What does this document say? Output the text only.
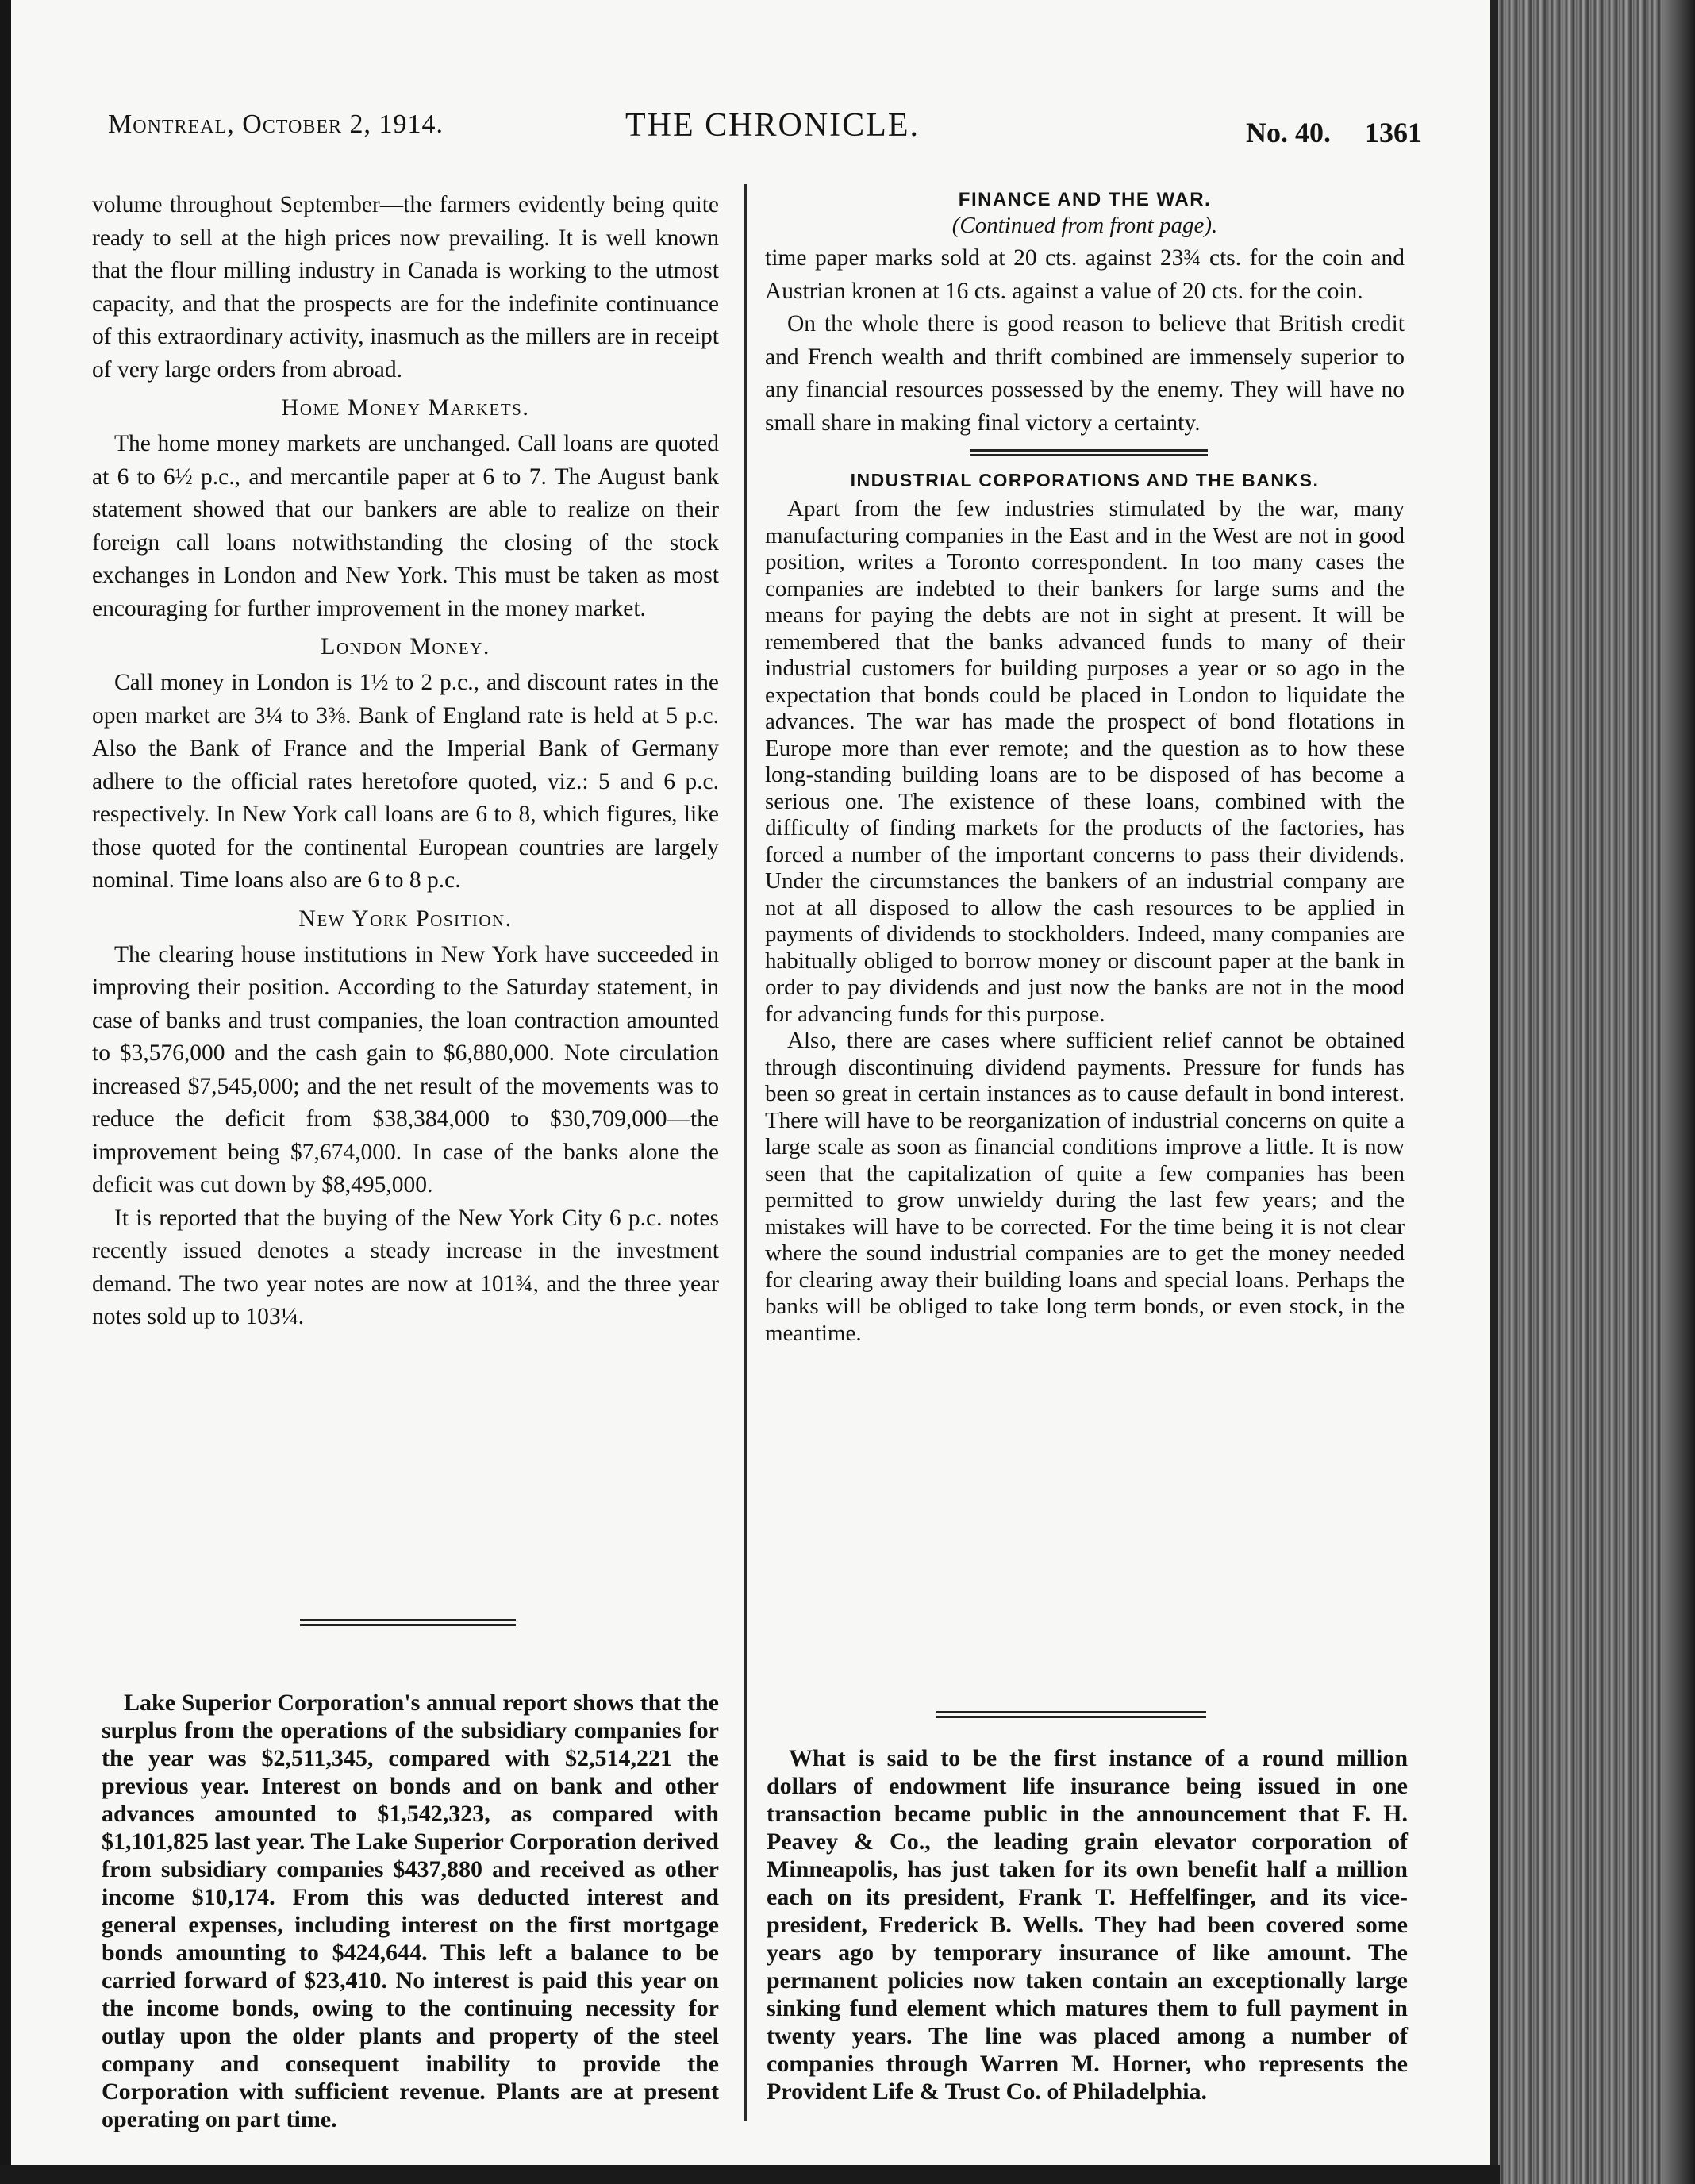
Montreal, October 2, 1914.	THE CHRONICLE.	No. 40. 1361

volume throughout September—the farmers evidently being quite ready to sell at the high prices now prevailing. It is well known that the flour milling industry in Canada is working to the utmost capacity, and that the prospects are for the indefinite continuance of this extraordinary activity, inasmuch as the millers are in receipt of very large orders from abroad.

Home Money Markets.

The home money markets are unchanged. Call loans are quoted at 6 to 6½ p.c., and mercantile paper at 6 to 7. The August bank statement showed that our bankers are able to realize on their foreign call loans notwithstanding the closing of the stock exchanges in London and New York. This must be taken as most encouraging for further improvement in the money market.

London Money.

Call money in London is 1½ to 2 p.c., and discount rates in the open market are 3¼ to 3⅜. Bank of England rate is held at 5 p.c. Also the Bank of France and the Imperial Bank of Germany adhere to the official rates heretofore quoted, viz.: 5 and 6 p.c. respectively. In New York call loans are 6 to 8, which figures, like those quoted for the continental European countries are largely nominal. Time loans also are 6 to 8 p.c.

New York Position.

The clearing house institutions in New York have succeeded in improving their position. According to the Saturday statement, in case of banks and trust companies, the loan contraction amounted to $3,576,000 and the cash gain to $6,880,000. Note circulation increased $7,545,000; and the net result of the movements was to reduce the deficit from $38,384,000 to $30,709,000—the improvement being $7,674,000. In case of the banks alone the deficit was cut down by $8,495,000.

It is reported that the buying of the New York City 6 p.c. notes recently issued denotes a steady increase in the investment demand. The two year notes are now at 101¾, and the three year notes sold up to 103¼.

Lake Superior Corporation's annual report shows that the surplus from the operations of the subsidiary companies for the year was $2,511,345, compared with $2,514,221 the previous year. Interest on bonds and on bank and other advances amounted to $1,542,323, as compared with $1,101,825 last year. The Lake Superior Corporation derived from subsidiary companies $437,880 and received as other income $10,174. From this was deducted interest and general expenses, including interest on the first mortgage bonds amounting to $424,644. This left a balance to be carried forward of $23,410. No interest is paid this year on the income bonds, owing to the continuing necessity for outlay upon the older plants and property of the steel company and consequent inability to provide the Corporation with sufficient revenue. Plants are at present operating on part time.

FINANCE AND THE WAR.
(Continued from front page).

time paper marks sold at 20 cts. against 23¾ cts. for the coin and Austrian kronen at 16 cts. against a value of 20 cts. for the coin.

On the whole there is good reason to believe that British credit and French wealth and thrift combined are immensely superior to any financial resources possessed by the enemy. They will have no small share in making final victory a certainty.

INDUSTRIAL CORPORATIONS AND THE BANKS.

Apart from the few industries stimulated by the war, many manufacturing companies in the East and in the West are not in good position, writes a Toronto correspondent. In too many cases the companies are indebted to their bankers for large sums and the means for paying the debts are not in sight at present. It will be remembered that the banks advanced funds to many of their industrial customers for building purposes a year or so ago in the expectation that bonds could be placed in London to liquidate the advances. The war has made the prospect of bond flotations in Europe more than ever remote; and the question as to how these long-standing building loans are to be disposed of has become a serious one. The existence of these loans, combined with the difficulty of finding markets for the products of the factories, has forced a number of the important concerns to pass their dividends. Under the circumstances the bankers of an industrial company are not at all disposed to allow the cash resources to be applied in payments of dividends to stockholders. Indeed, many companies are habitually obliged to borrow money or discount paper at the bank in order to pay dividends and just now the banks are not in the mood for advancing funds for this purpose.

Also, there are cases where sufficient relief cannot be obtained through discontinuing dividend payments. Pressure for funds has been so great in certain instances as to cause default in bond interest. There will have to be reorganization of industrial concerns on quite a large scale as soon as financial conditions improve a little. It is now seen that the capitalization of quite a few companies has been permitted to grow unwieldy during the last few years; and the mistakes will have to be corrected. For the time being it is not clear where the sound industrial companies are to get the money needed for clearing away their building loans and special loans. Perhaps the banks will be obliged to take long term bonds, or even stock, in the meantime.

What is said to be the first instance of a round million dollars of endowment life insurance being issued in one transaction became public in the announcement that F. H. Peavey & Co., the leading grain elevator corporation of Minneapolis, has just taken for its own benefit half a million each on its president, Frank T. Heffelfinger, and its vice-president, Frederick B. Wells. They had been covered some years ago by temporary insurance of like amount. The permanent policies now taken contain an exceptionally large sinking fund element which matures them to full payment in twenty years. The line was placed among a number of companies through Warren M. Horner, who represents the Provident Life & Trust Co. of Philadelphia.
